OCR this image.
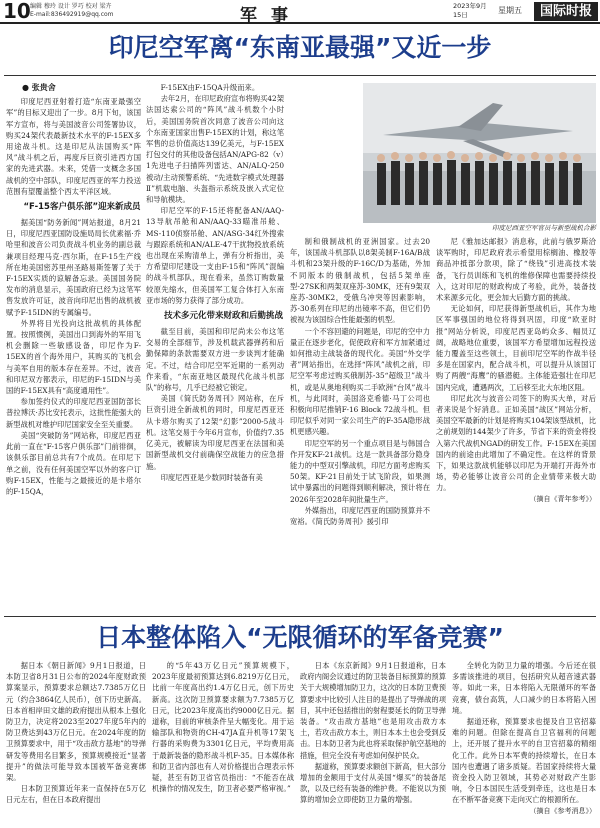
10 编辑 穆玲 设计 罗巧 校对 梁卉
E-mail:836492919@qq.com	军事	2023年9月
15日	星期五	国际时报
印尼空军离“东南亚最强”又近一步

● 张贵舍

印度尼西亚射着打造“东南亚最强空军”的目标又迎出了一步。8月下旬，该国军方宣布，将与美国波音公司签署协议，购买24架代表最新技术水平的F-15EX多用途战斗机。这是印尼从法国购买“阵风”战斗机之后，再度斥巨资引进西方国家的先进武器。未来，凭借一支概念多国战机的空中部队，印度尼西亚的军力投送范围有望覆盖整个西太平洋区域。

“F-15客户俱乐部”迎来新成员

据美国“防务新闻”网站报道，8月21日，印度尼西亚国防设施局局长优素福·乔哈里和波音公司负责战斗机业务的副总裁兼项目经理马克·西尔斯，在F-15生产线所在地美国密苏里州圣路易斯签署了关于F-15EX实质的谅解备忘录。美国国务院发布的消息显示，美国政府已经为这笔军售发放许可证，波音向印尼出售的战机被赋予F-15IDN的专属编号。

外界将目光投向这批战机的具体配置。按照惯例，美国出口到海外的军用飞机会删除一些敏感设备，印尼作为F-15EX的首个海外用户，其购买的飞机会与美军自用的版本存在差异。不过，波音和印尼双方都表示，印尼的F-15IDN与美国的F-15EX具有“高度通用性”。

参加签约仪式的印度尼西亚国防部长普拉博沃·苏比安托表示，这批性能强大的新型战机对维护印尼国家安全至关重要。

美国“突破防务”网站称，印度尼西亚此前一直在“F-15客户俱乐部”门前徘徊，该俱乐部目前总共有7个成员。在印尼下单之前，没有任何美国空军以外的客户订购F-15EX，性能与之最接近的是卡塔尔的F-15QA，

F-15EX由F-15QA升级而来。

去年2月，在印尼政府宣布将购买42架法国达索公司的“阵风”战斗机数个小时后，美国国务院首次同意了波音公司向这个东南亚国家出售F-15EX的计划，称这笔军售的总价值高达139亿美元，与F-15EX 打包交付的其他设备包括AN/APG-82（v）1先进电子扫描阵列雷达、AN/ALQ-250被动/主动预警系统、“先进数字模式处理器Ⅱ”机载电脑、头盔指示系统及嵌入式定位和导航模块。

印尼空军的F-15还将配备AN/AAQ-13导航吊舱和AN/AAQ-33瞄准吊舱、MS-110侦察吊舱、AN/ASG-34红外搜索与跟踪系统和AN/ALE-47干扰物投放系统也出现在采购清单上，弹有分析指出，美方希望印尼建设一支由F-15和“阵风”混编的战斗机部队，现在看来，虽然订购数量较原先缩水，但美国军工复合体打入东南亚市场的努力获得了部分成功。

技术多元化带来财政和后勤挑战

截至目前，美国和印尼尚未公布这笔交易的全部细节，涉及机载武器弹药和后勤保障的条款需要双方进一步谈判才能确定。不过，结合印尼空军近期的一系列动作来看，“东南亚地区最现代化战斗机部队”的称号，几乎已经被它锁定。

美国《简氏防务周刊》网站称，在斥巨资引进全新战机的同时，印度尼西亚还从卡塔尔购买了12架“幻影”2000-5战斗机。这笔交易于今年6月宣布，价值约7.35亿美元，被解读为印度尼西亚在法国和美国新型战机交付前确保空战能力的应急措施。

印度尼西亚是少数同时装备有美

印度尼西亚空军官员与新型战机合影

制和俄制战机的亚洲国家。过去20年，该国战斗机部队以8架美制F-16A/B战斗机和23架升级的F-16C/D为基础，外加不同版本的俄制战机，包括5架单座型-27SK和两架双座苏-30MK，还有9架双座苏-30MK2，受俄乌冲突等因素影响，苏-30系列在印尼的出镜率不高，但它们仍被视为该国综合性能最强的机型。

一个不容回避的问题是，印尼的空中力量正在逐步老化，促使政府和军方加紧通过如何推动主战装备的现代化。美国“外交学者”网站指出，在选择“阵风”战机之前，印尼空军考虑过购买俄制苏-35“超级卫”战斗机，或是从奥地利购买二手欧洲“台风”战斗机，与此同时，美国洛克希德·马丁公司也积极向印尼推销F-16 Block 72战斗机。但印尼似乎对同一家公司生产的F-35A隐形战机更感兴趣。

印尼空军的另一个重点项目是与韩国合作开发KF-21战机。这是一款具备部分隐身能力的中型双引擎战机，印尼方面考虑购买50架。KF-21目前处于试飞阶段，如果测试中暴露出的问题得到顺利解决，预计将在2026年至2028年间批量生产。

外媒指出，印度尼西亚的国防预算并不宽裕。《简氏防务周刊》援引印

尼《雅加达邮报》消息称，此前与俄罗斯洽谈军购时，印尼政府表示希望用棕榈油、橡胶等商品冲抵部分款项，除了“绕钱”引进高技术装备，飞行员训练和飞机的维修保障也需要持续投入，这对印尼的财政构成了考验，此外，装备技术来源多元化，更会加大后勤方面的挑战。

无论如何，印尼获得新型战机后，其作为地区军事强国的地位将得到巩固，印度“欧亚时报”网站分析说，印度尼西亚岛屿众多、幅员辽阔，战略地位重要，该国军方希望增加远程投送能力覆盖至这些领土，目前印尼空军的作战半径多是在国家内，配合战斗机，可以提升从该国订购了两艘“海鹰”的骚潜艇。主体能造强壮在印尼国内完成，遭遇两次，工后移至北大东地区阻。

印尼此次与波音公司签下的购买大单，对后者来说是个好消息。正如美国“战区”网站分析，美国空军最新的计划是将购买104架该型战机，比之前规划的144架少了许多，节省下来的资金将投入第六代战机NGAD的研发工作。F-15EX在美国国内的前途由此增加了不确定性。在这样的背景下，如果这款战机能够以印尼为开端打开海外市场，势必能够让波音公司的企业情带来极大助力。

（摘自《青年参考》）

日本整体陷入“无限循环的军备竞赛”

据日本《朝日新闻》9月1日报道，日本防卫省8月31日公布的2024年度财政预算案显示，预算要求总额达7.7385万亿日元（约合3864亿人民币），创下历史新高。日本首相岸田文雄的政府提出从根本上强化防卫力，决定将2023至2027年度5年内的防卫费达到43万亿日元。在2024年度的防卫预算要求中，用于“攻击敌方基地”的导弹研发等费用名目繁多，预算规模接近“显著提升”的做法可能导致本国被军备竞赛绑架。

日本防卫预算近年来一直保持在5万亿日元左右，但在日本政府提出

的“5年43万亿日元”预算规模下，2023年度最初预算达到6.8219万亿日元，比前一年度高出约1.4万亿日元，创下历史新高。这次防卫预算要求额为7.7385万亿日元，比2023年度高出约9000亿日元。据道称，目前的审核条件呈大幅变化。用于运输部队和物资的CH-47JA直升机等17架飞行器的采购费为3301亿日元，平均费用高于最新装备的隐形战斗机F-35。日本媒体称和防卫省内部也有人对价格提出合理表示怀疑，甚至有防卫省官员指出：“不能否在战机操作的情况发生，防卫者必要严格审视。”

日本《东京新闻》9月1日报道称，日本政府内阁会议通过的防卫装备目标预算的预算关于大规模增加防卫力，这次的日本防卫费预算要求中比较引人注目的是提出了导弹战的项目，其中还包括推出的射程要延长的防卫导弹装备。“攻击敌方基地”也是用攻击敌方本土，若攻击敌方本土，则日本本土也会受到反击。日本防卫者为此也将采取保护航空基地的措施，但完全没有考虑如何保护民众。

据道称，预算要求额创下新高，但大部分增加的金额用于支付从美国“爆买”的装备尾款，以及已经有装备的维护费。不能说以为预算的增加会立即使防卫力量的增强。

全转化为防卫力量的增强。今后还在很多需该推进的项目，包括研究从超音速武器等。如此一来，日本将陷入无限循环的军备竞赛，债台高筑，人口减少的日本将陷入困境。

据道还称，预算要求也提及自卫官招募难的问题。但除在提高自卫官福利的问题上，还开展了提升水平的自卫官招募的精细化工作。此外日本军费的持续增长，在日本国内也遭遇了诸多质疑。若国家持续将大量资金投入防卫领域，其势必对财政产生影响，令日本国民生活受到牵连，这也是日本在不断军备竞赛下走向灭亡的根源所在。

（摘自《参考消息》）
